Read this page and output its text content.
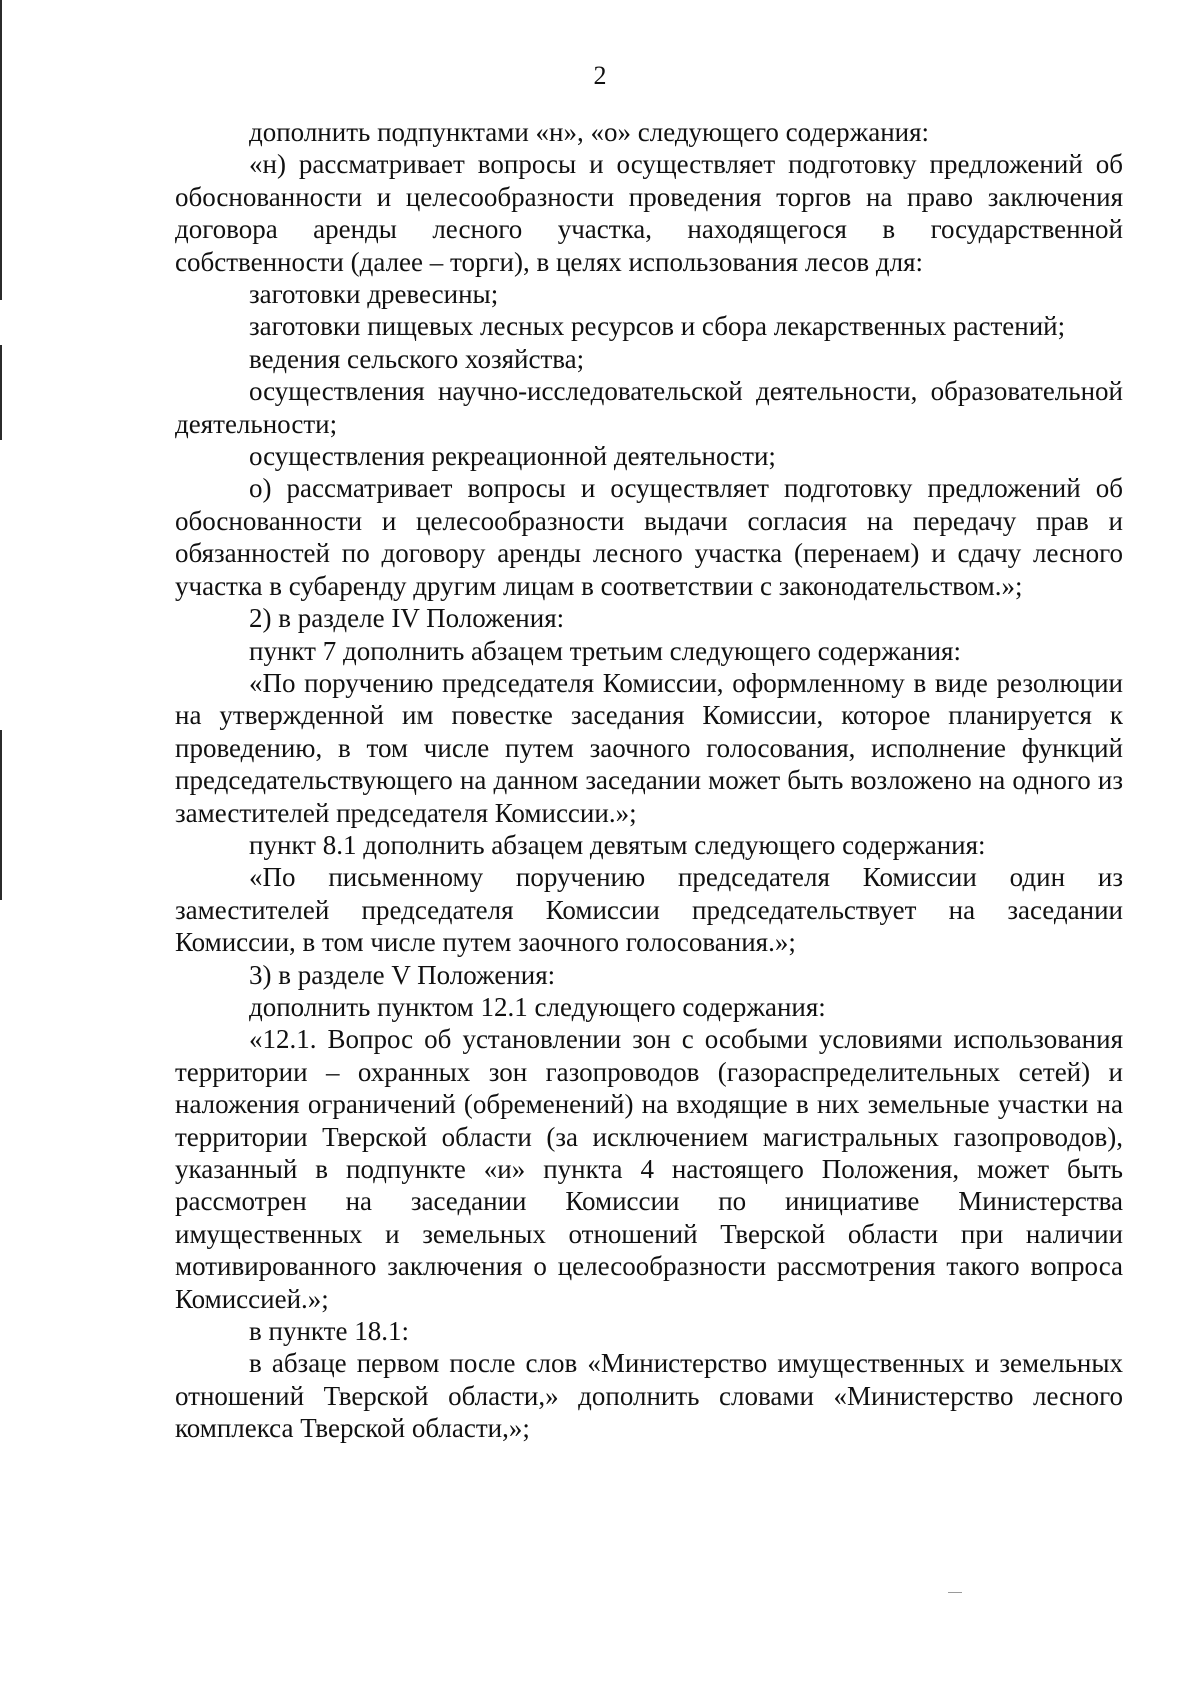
2

дополнить подпунктами «н», «о» следующего содержания:

«н) рассматривает вопросы и осуществляет подготовку предложений об обоснованности и целесообразности проведения торгов на право заключения договора аренды лесного участка, находящегося в государственной собственности (далее – торги), в целях использования лесов для:

заготовки древесины;

заготовки пищевых лесных ресурсов и сбора лекарственных растений;

ведения сельского хозяйства;

осуществления научно-исследовательской деятельности, образовательной деятельности;

осуществления рекреационной деятельности;

о) рассматривает вопросы и осуществляет подготовку предложений об обоснованности и целесообразности выдачи согласия на передачу прав и обязанностей по договору аренды лесного участка (перенаем) и сдачу лесного участка в субаренду другим лицам в соответствии с законодательством.»;

2) в разделе IV Положения:

пункт 7 дополнить абзацем третьим следующего содержания:

«По поручению председателя Комиссии, оформленному в виде резолюции на утвержденной им повестке заседания Комиссии, которое планируется к проведению, в том числе путем заочного голосования, исполнение функций председательствующего на данном заседании может быть возложено на одного из заместителей председателя Комиссии.»;

пункт 8.1 дополнить абзацем девятым следующего содержания:

«По письменному поручению председателя Комиссии один из заместителей председателя Комиссии председательствует на заседании Комиссии, в том числе путем заочного голосования.»;

3) в разделе V Положения:

дополнить пунктом 12.1 следующего содержания:

«12.1. Вопрос об установлении зон с особыми условиями использования территории – охранных зон газопроводов (газораспределительных сетей) и наложения ограничений (обременений) на входящие в них земельные участки на территории Тверской области (за исключением магистральных газопроводов), указанный в подпункте «и» пункта 4 настоящего Положения, может быть рассмотрен на заседании Комиссии по инициативе Министерства имущественных и земельных отношений Тверской области при наличии мотивированного заключения о целесообразности рассмотрения такого вопроса Комиссией.»;

в пункте 18.1:

в абзаце первом после слов «Министерство имущественных и земельных отношений Тверской области,» дополнить словами «Министерство лесного комплекса Тверской области,»;
